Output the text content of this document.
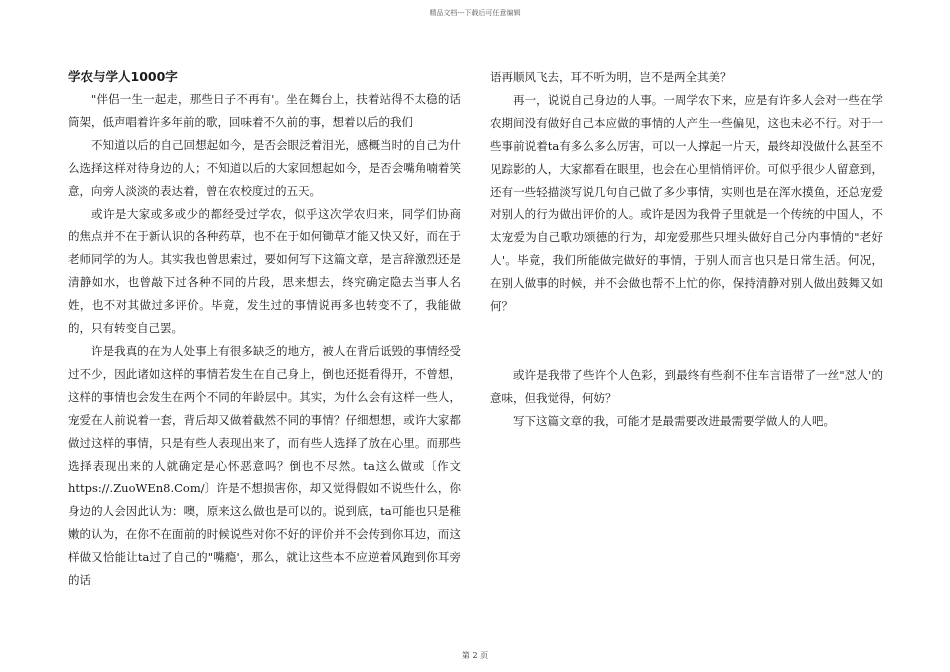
精品文档---下载后可任意编辑
学农与学人1000字

"伴侣一生一起走，那些日子不再有'。坐在舞台上，扶着站得不太稳的话筒架，低声唱着许多年前的歌，回味着不久前的事，想着以后的我们

不知道以后的自己回想起如今，是否会眼泛着泪光，感概当时的自己为什么选择这样对待身边的人；不知道以后的大家回想起如今，是否会嘴角喃着笑意，向旁人淡淡的表达着，曾在农校度过的五天。

或许是大家或多或少的都经受过学农，似乎这次学农归来，同学们协商 的焦点并不在于新认识的各种药草，也不在于如何锄草才能又快又好，而在于老师同学的为人。其实我也曾思索过，要如何写下这篇文章，是言辞激烈还是清静如水，也曾敲下过各种不同的片段，思来想去，终究确定隐去当事人名姓，也不对其做过多评价。毕竟，发生过的事情说再多也转变不了，我能做的，只有转变自己罢。

许是我真的在为人处事上有很多缺乏的地方，被人在背后诋毁的事情经受过不少，因此诸如这样的事情若发生在自己身上，倒也还挺看得开，不曾想，这样的事情也会发生在两个不同的年龄层中。其实，为什么会有这样一些人，宠爱在人前说着一套，背后却又做着截然不同的事情？仔细想想，或许大家都做过这样的事情，只是有些人表现出来了，而有些人选择了放在心里。而那些选择表现出来的人就确定是心怀恶意吗？倒也不尽然。ta这么做或〔作文https://.ZuoWEn8.Com/〕许是不想损害你，却又觉得假如不说些什么，你身边的人会因此认为：噢，原来这么做也是可以的。说到底，ta可能也只是稚嫩的认为，在你不在面前的时候说些对你不好的评价并不会传到你耳边，而这样做又恰能让ta过了自己的"嘴瘾'，那么，就让这些本不应逆着风跑到你耳旁的话

语再顺风飞去，耳不听为明，岂不是两全其美？

再一，说说自己身边的人事。一周学农下来，应是有许多人会对一些在学农期间没有做好自己本应做的事情的人产生一些偏见，这也未必不行。对于一些事前说着ta有多么多么厉害，可以一人撑起一片天，最终却没做什么甚至不见踪影的人，大家都看在眼里，也会在心里悄悄评价。可似乎很少人留意到，还有一些轻描淡写说几句自己做了多少事情，实则也是在浑水摸鱼，还总宠爱对别人的行为做出评价的人。或许是因为我骨子里就是一个传统的中国人，不太宠爱为自己歌功颂德的行为，却宠爱那些只埋头做好自己分内事情的"老好人'。毕竟，我们所能做完做好的事情，于别人而言也只是日常生活。何况，在别人做事的时候，并不会做也帮不上忙的你，保持清静对别人做出鼓舞又如何？

或许是我带了些许个人色彩，到最终有些刹不住车言语带了一丝"怼人'的意味，但我觉得，何妨？

写下这篇文章的我，可能才是最需要改进最需要学做人的人吧。

第 2 页
